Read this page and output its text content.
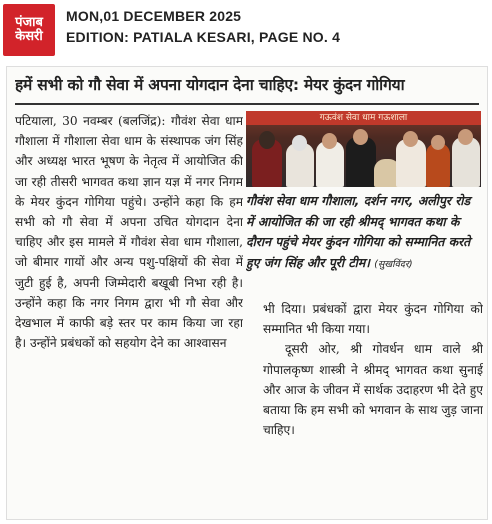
पंजाब
केसरी
MON,01 DECEMBER 2025
EDITION: PATIALA KESARI, PAGE NO. 4
हमें सभी को गौ सेवा में अपना योगदान देना चाहिए: मेयर कुंदन गोगिया

पटियाला, 30 नवम्बर (बलजिंद्र): गौवंश सेवा धाम गौशाला में गौशाला सेवा धाम के संस्थापक जंग सिंह और अध्यक्ष भारत भूषण के नेतृत्व में आयोजित की जा रही तीसरी भागवत कथा ज्ञान यज्ञ में नगर निगम के मेयर कुंदन गोगिया पहुंचे। उन्होंने कहा कि हम सभी को गौ सेवा में अपना उचित योगदान देना चाहिए और इस मामले में गौवंश सेवा धाम गौशाला, जो बीमार गायों और अन्य पशु-पक्षियों की सेवा में जुटी हुई है, अपनी जिम्मेदारी बखूबी निभा रही है। उन्होंने कहा कि नगर निगम द्वारा भी गौ सेवा और देखभाल में काफी बड़े स्तर पर काम किया जा रहा है। उन्होंने प्रबंधकों को सहयोग देने का आश्वासन

गऊवंश सेवा धाम गऊशाला
गौवंश सेवा धाम गौशाला, दर्शन नगर, अलीपुर रोड में आयोजित की जा रही श्रीमद् भागवत कथा के दौरान पहुंचे मेयर कुंदन गोगिया को सम्मानित करते हुए जंग सिंह और पूरी टीम। (सुखविंदर)

भी दिया। प्रबंधकों द्वारा मेयर कुंदन गोगिया को सम्मानित भी किया गया।

दूसरी ओर, श्री गोवर्धन धाम वाले श्री गोपालकृष्ण शास्त्री ने श्रीमद् भागवत कथा सुनाई और आज के जीवन में सार्थक उदाहरण भी देते हुए बताया कि हम सभी को भगवान के साथ जुड़ जाना चाहिए।
